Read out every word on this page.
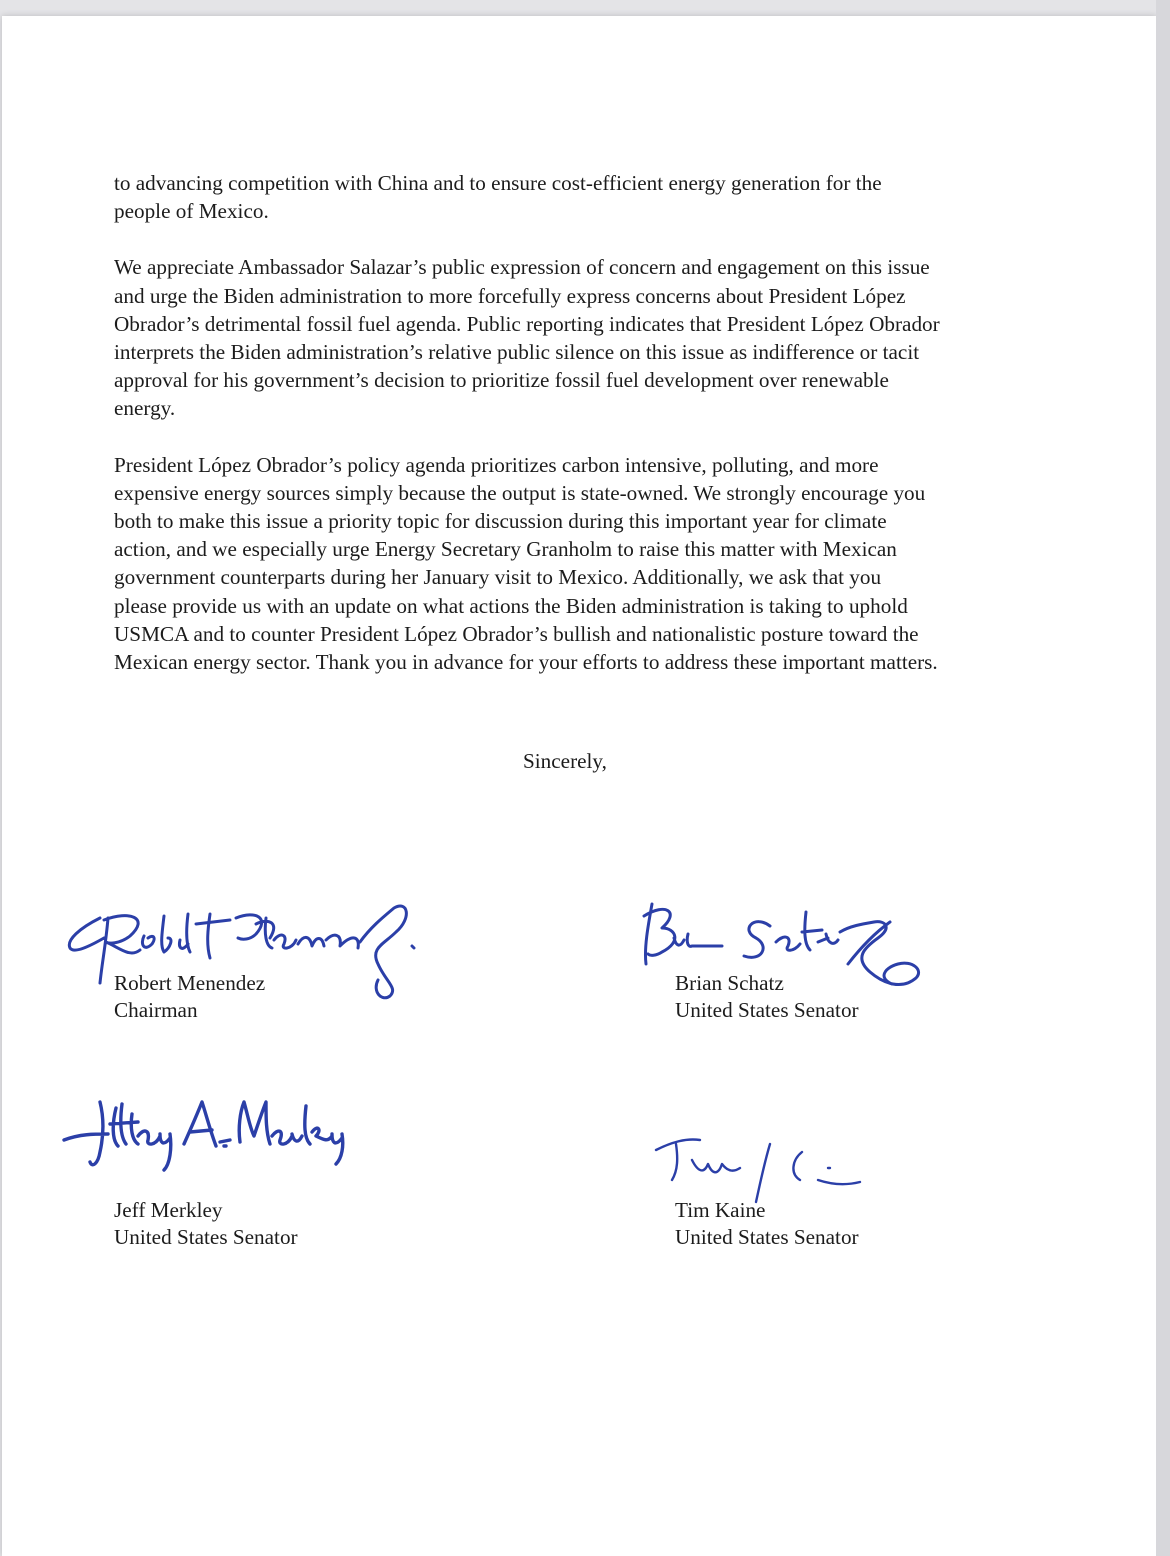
to advancing competition with China and to ensure cost-efficient energy generation for the
people of Mexico.

We appreciate Ambassador Salazar’s public expression of concern and engagement on this issue
and urge the Biden administration to more forcefully express concerns about President López
Obrador’s detrimental fossil fuel agenda. Public reporting indicates that President López Obrador
interprets the Biden administration’s relative public silence on this issue as indifference or tacit
approval for his government’s decision to prioritize fossil fuel development over renewable
energy.

President López Obrador’s policy agenda prioritizes carbon intensive, polluting, and more
expensive energy sources simply because the output is state-owned. We strongly encourage you
both to make this issue a priority topic for discussion during this important year for climate
action, and we especially urge Energy Secretary Granholm to raise this matter with Mexican
government counterparts during her January visit to Mexico. Additionally, we ask that you
please provide us with an update on what actions the Biden administration is taking to uphold
USMCA and to counter President López Obrador’s bullish and nationalistic posture toward the
Mexican energy sector. Thank you in advance for your efforts to address these important matters.

Sincerely,
Robert Menendez
Chairman
Brian Schatz
United States Senator
Jeff Merkley
United States Senator
Tim Kaine
United States Senator
